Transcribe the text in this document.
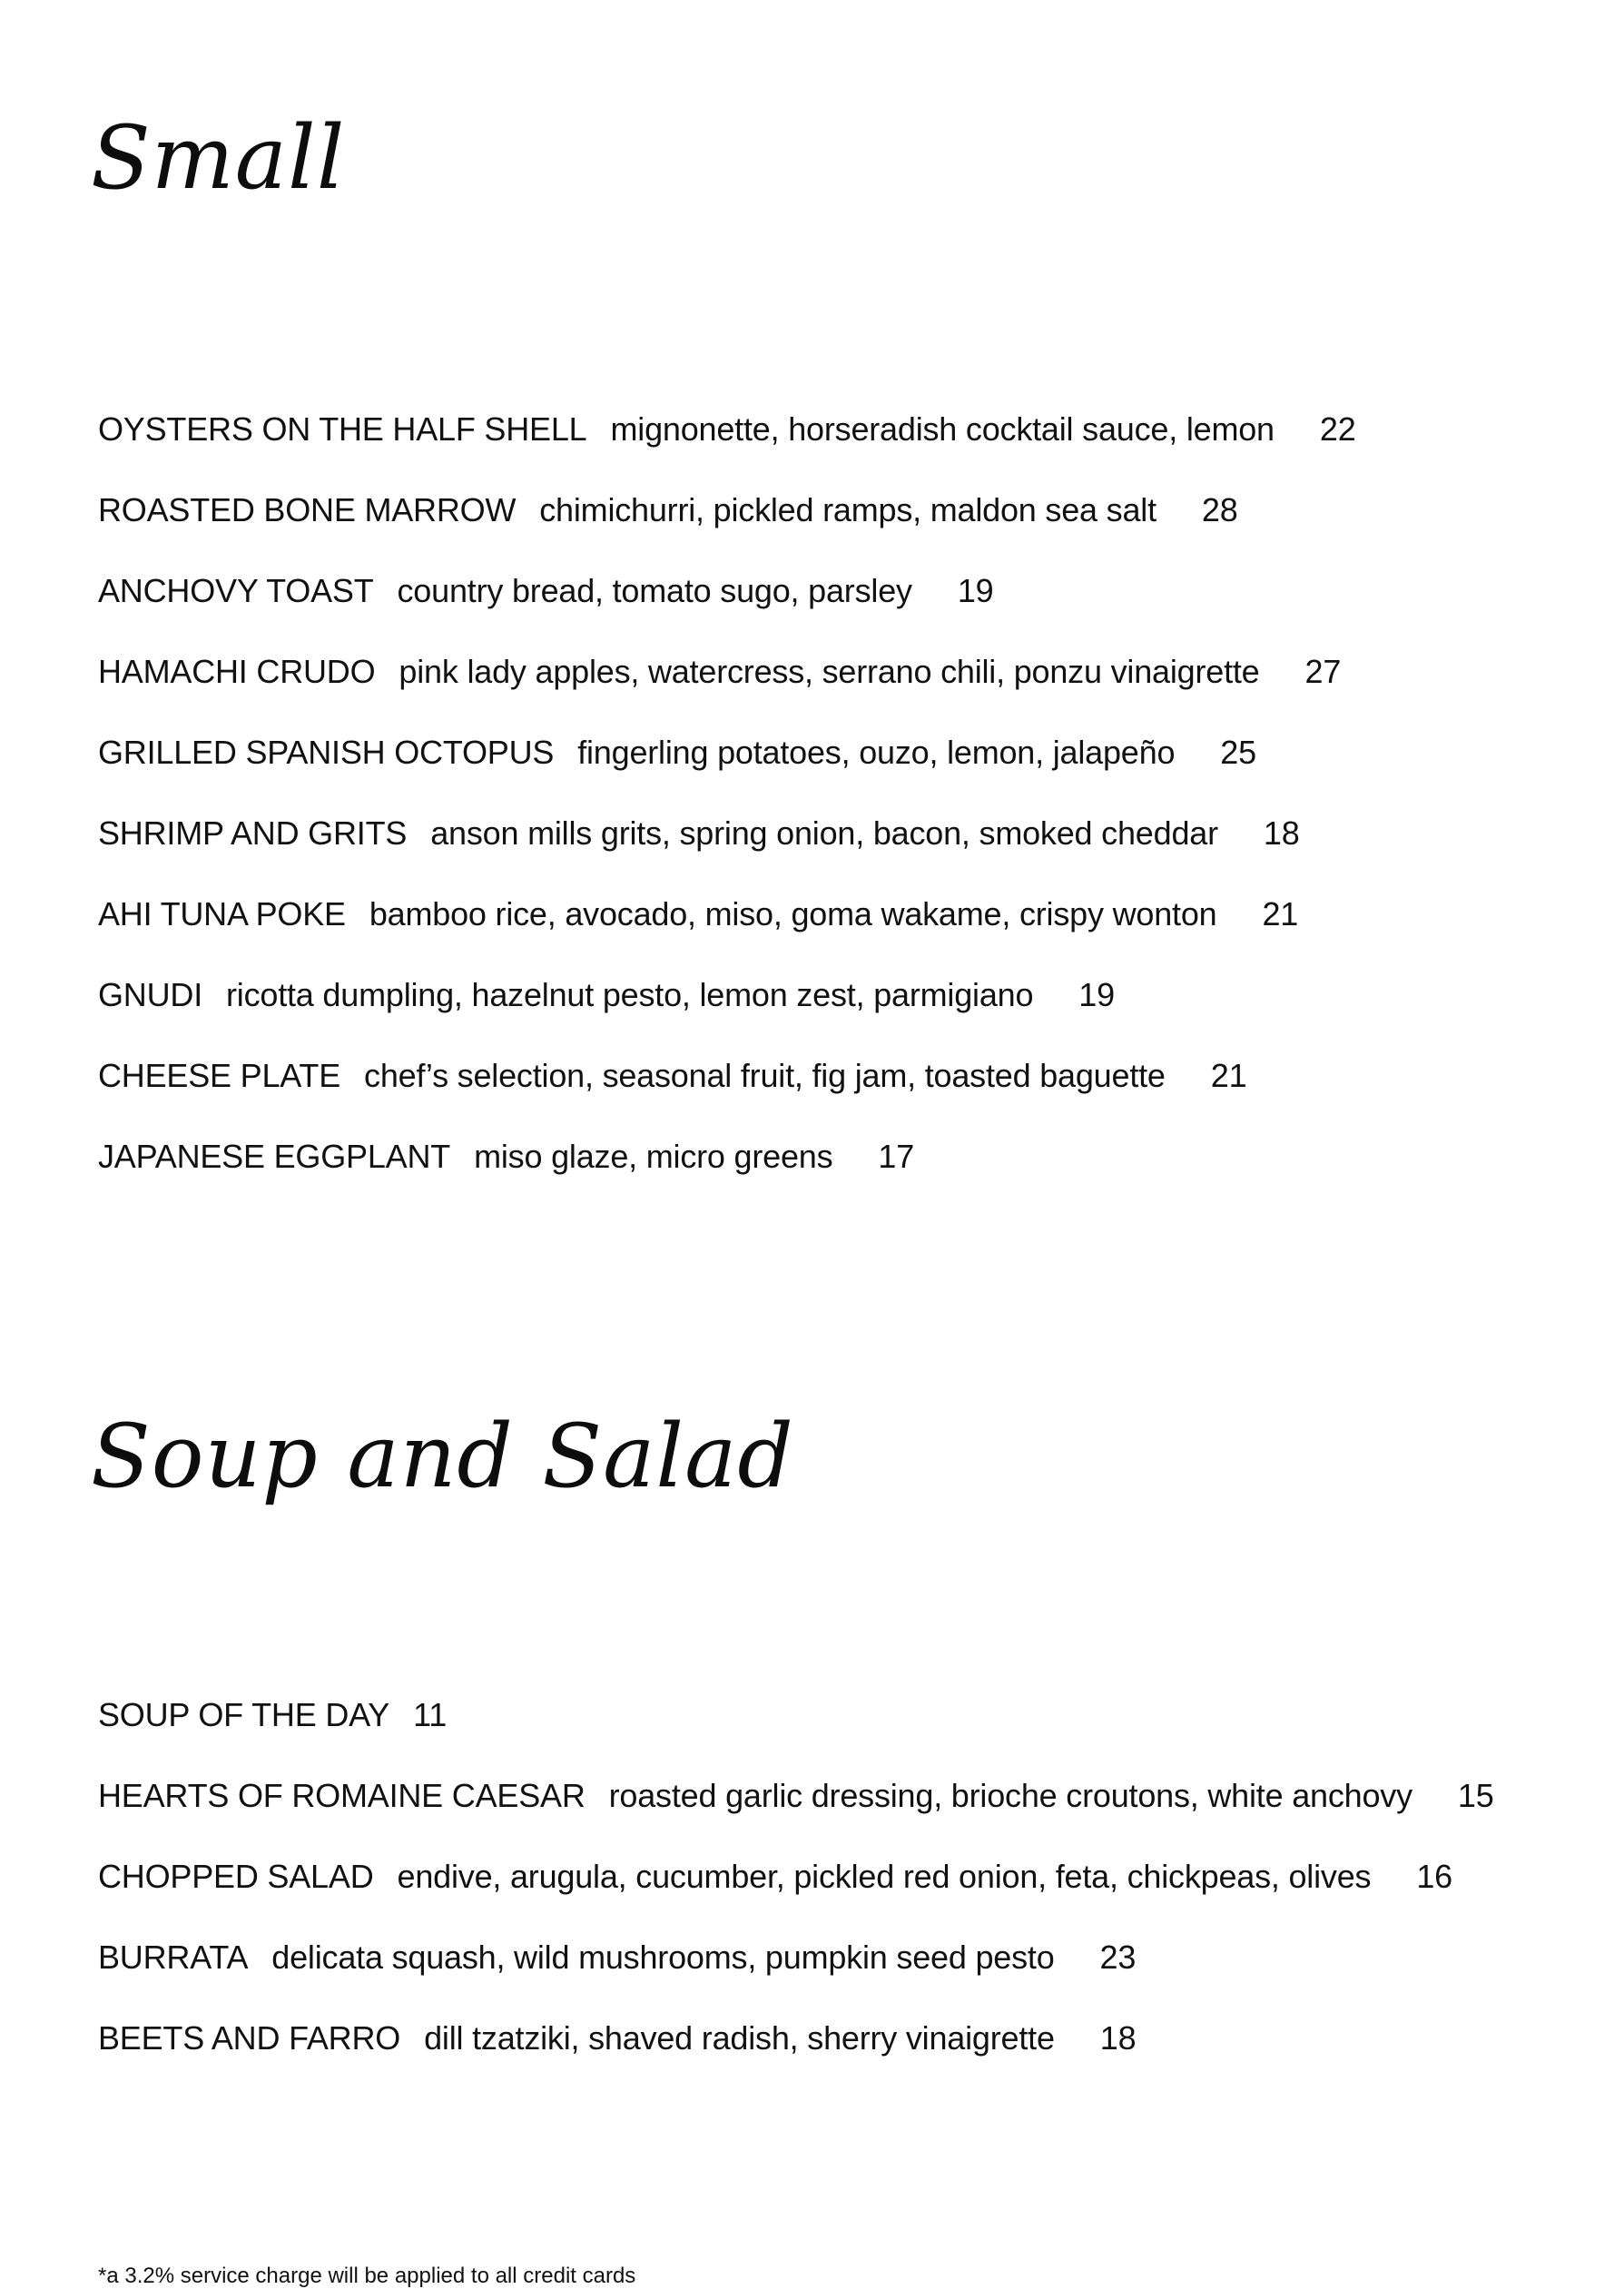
Small
OYSTERS ON THE HALF SHELL mignonette, horseradish cocktail sauce, lemon 22
ROASTED BONE MARROW chimichurri, pickled ramps, maldon sea salt 28
ANCHOVY TOAST country bread, tomato sugo, parsley 19
HAMACHI CRUDO pink lady apples, watercress, serrano chili, ponzu vinaigrette 27
GRILLED SPANISH OCTOPUS fingerling potatoes, ouzo, lemon, jalapeño 25
SHRIMP AND GRITS anson mills grits, spring onion, bacon, smoked cheddar 18
AHI TUNA POKE bamboo rice, avocado, miso, goma wakame, crispy wonton 21
GNUDI ricotta dumpling, hazelnut pesto, lemon zest, parmigiano 19
CHEESE PLATE chef’s selection, seasonal fruit, fig jam, toasted baguette 21
JAPANESE EGGPLANT miso glaze, micro greens 17
Soup and Salad
SOUP OF THE DAY 11
HEARTS OF ROMAINE CAESAR roasted garlic dressing, brioche croutons, white anchovy 15
CHOPPED SALAD endive, arugula, cucumber, pickled red onion, feta, chickpeas, olives 16
BURRATA delicata squash, wild mushrooms, pumpkin seed pesto 23
BEETS AND FARRO dill tzatziki, shaved radish, sherry vinaigrette 18

*a 3.2% service charge will be applied to all credit cards
